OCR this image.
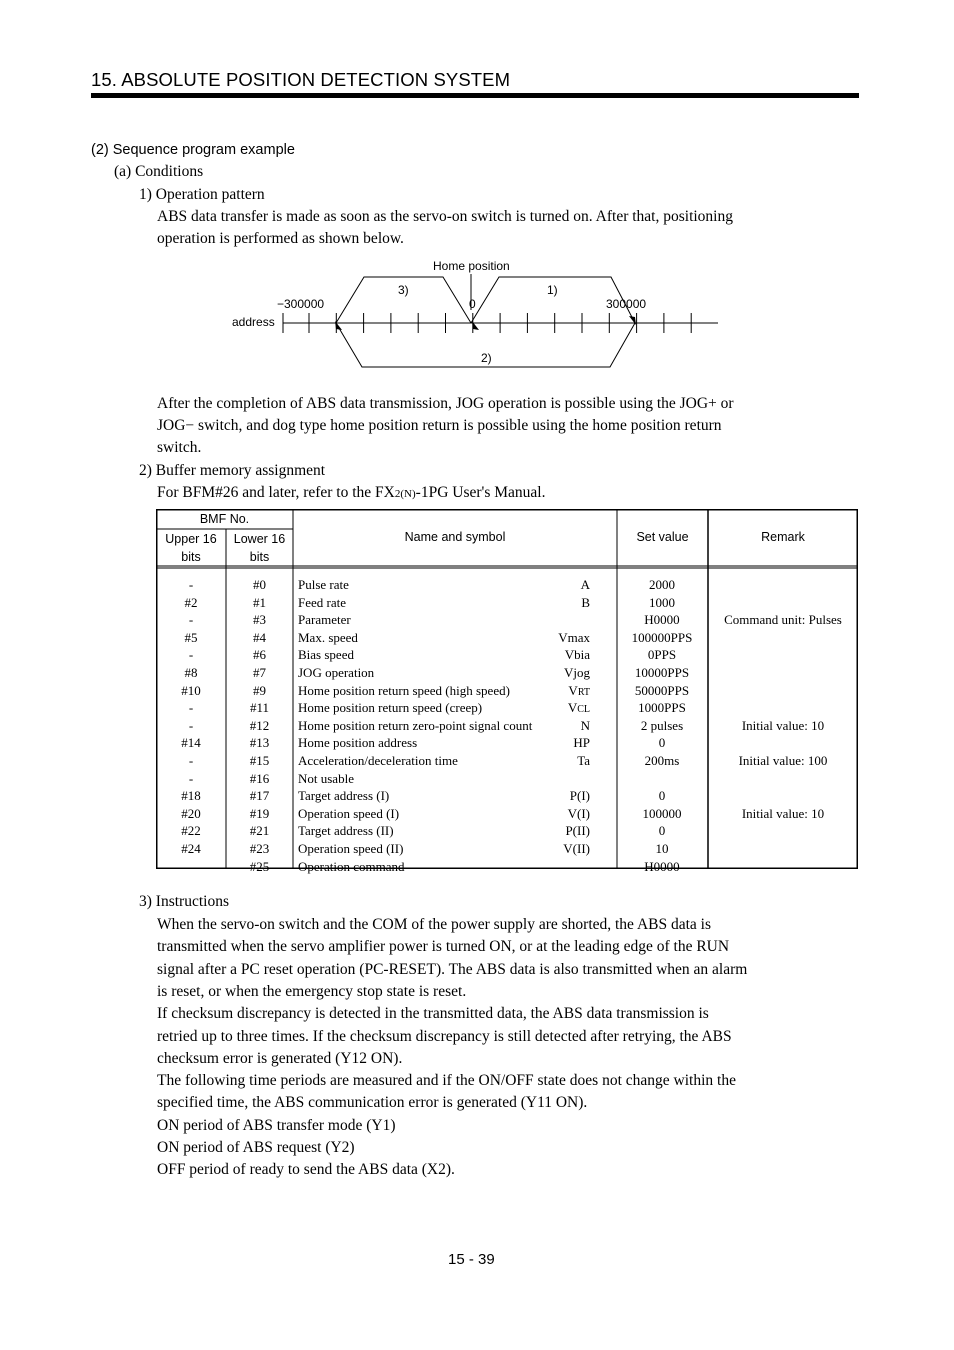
15. ABSOLUTE POSITION DETECTION SYSTEM
(2) Sequence program example
(a) Conditions
1) Operation pattern
ABS data transfer is made as soon as the servo-on switch is turned on. After that, positioning
operation is performed as shown below.
Home position
3)	1)
−300000	0	300000
address
2)
After the completion of ABS data transmission, JOG operation is possible using the JOG+ or
JOG− switch, and dog type home position return is possible using the home position return
switch.
2) Buffer memory assignment
For BFM#26 and later, refer to the FX2(N)-1PG User's Manual.
BMF No.
Upper 16
bits
Lower 16
bits
Name and symbol	Set value	Remark
-	#0	Pulse rate	A	2000
#2	#1	Feed rate	B	1000
-	#3	Parameter	H0000	Command unit: Pulses
#5	#4	Max. speed	Vmax	100000PPS
-	#6	Bias speed	Vbia	0PPS
#8	#7	JOG operation	Vjog	10000PPS
#10	#9	Home position return speed (high speed)	VRT	50000PPS
-	#11	Home position return speed (creep)	VCL	1000PPS
-	#12	Home position return zero-point signal count	N	2 pulses	Initial value: 10
#14	#13	Home position address	HP	0
-	#15	Acceleration/deceleration time	Ta	200ms	Initial value: 100
-	#16	Not usable
#18	#17	Target address (I)	P(I)	0
#20	#19	Operation speed (I)	V(I)	100000	Initial value: 10
#22	#21	Target address (II)	P(II)	0
#24	#23	Operation speed (II)	V(II)	10
-	#25	Operation command	H0000
3) Instructions
When the servo-on switch and the COM of the power supply are shorted, the ABS data is
transmitted when the servo amplifier power is turned ON, or at the leading edge of the RUN
signal after a PC reset operation (PC-RESET). The ABS data is also transmitted when an alarm
is reset, or when the emergency stop state is reset.
If checksum discrepancy is detected in the transmitted data, the ABS data transmission is
retried up to three times. If the checksum discrepancy is still detected after retrying, the ABS
checksum error is generated (Y12 ON).
The following time periods are measured and if the ON/OFF state does not change within the
specified time, the ABS communication error is generated (Y11 ON).
ON period of ABS transfer mode (Y1)
ON period of ABS request (Y2)
OFF period of ready to send the ABS data (X2).
15 - 39
